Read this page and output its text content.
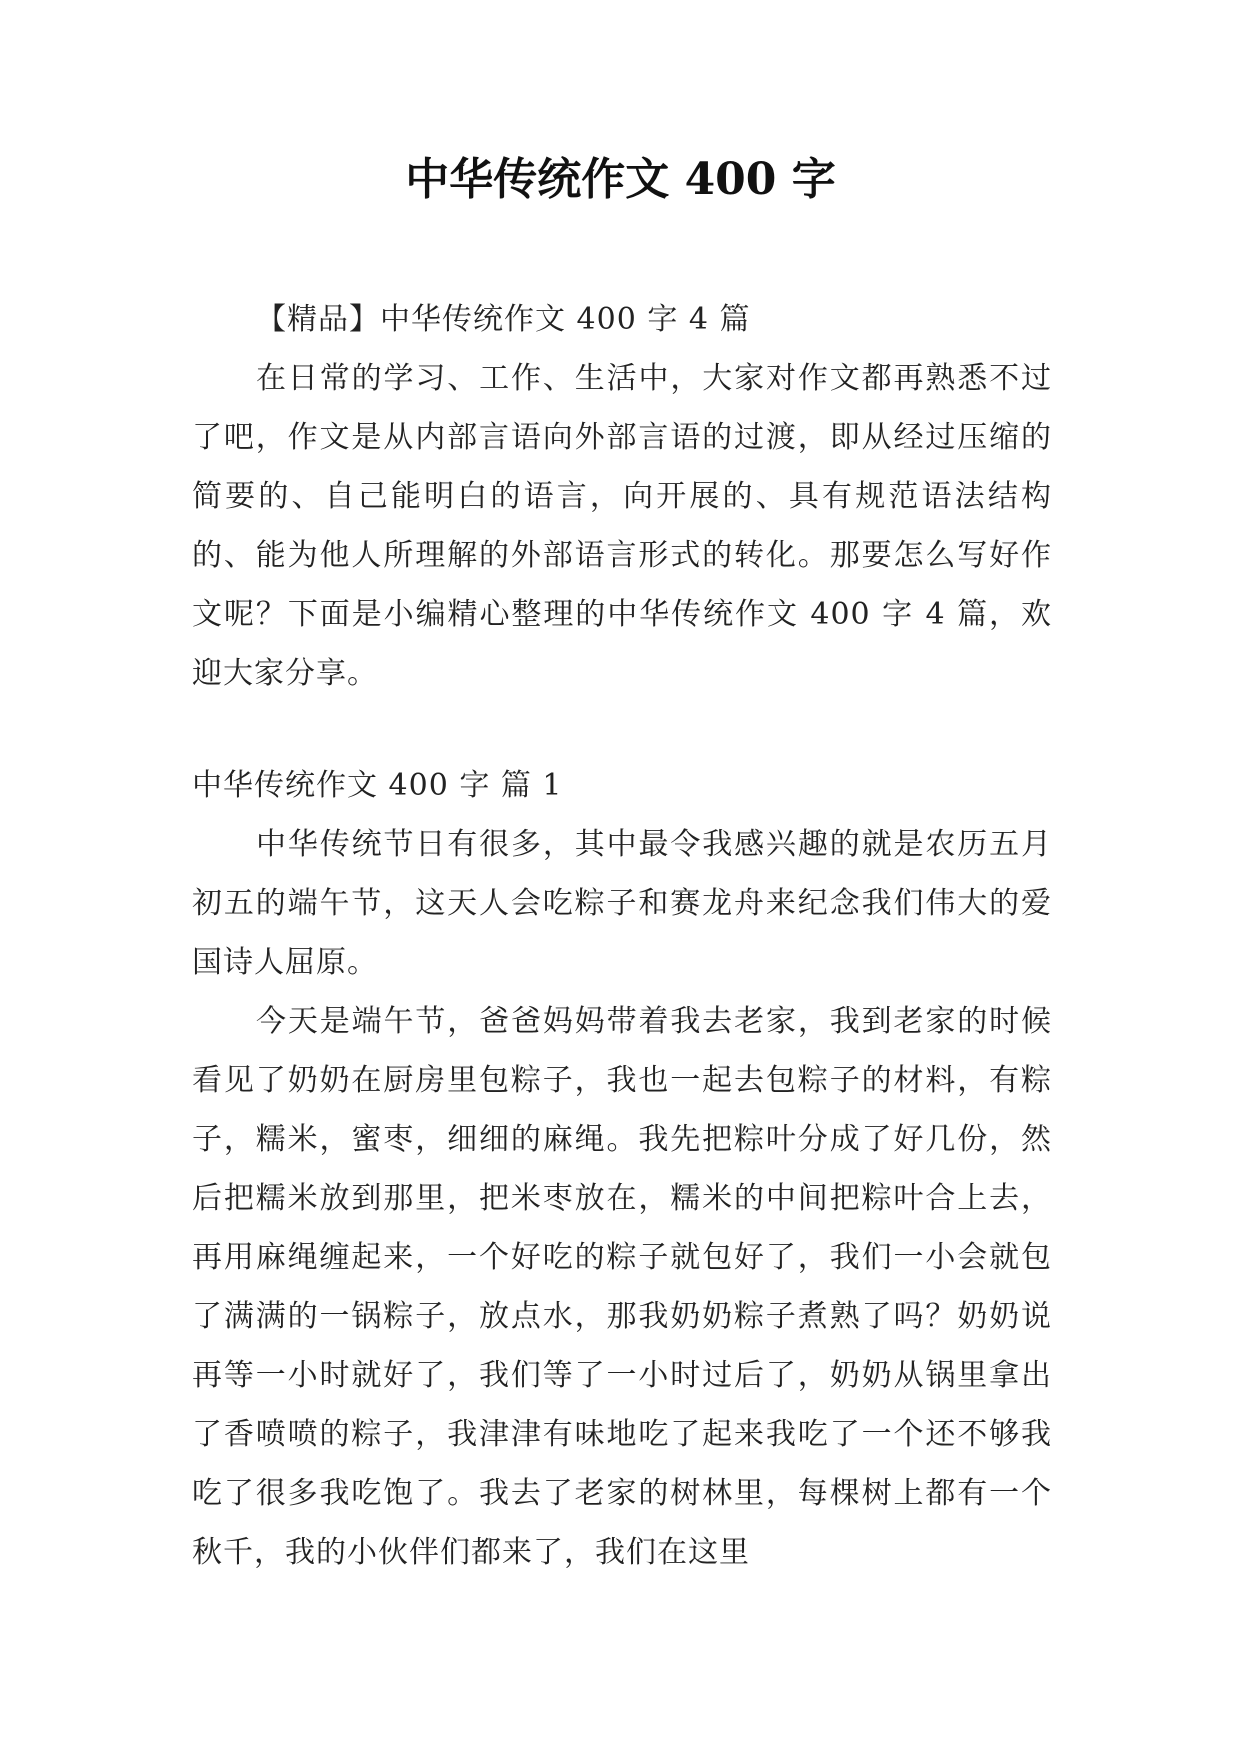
中华传统作文 400 字

【精品】中华传统作文 400 字 4 篇

在日常的学习、工作、生活中，大家对作文都再熟悉不过了吧，作文是从内部言语向外部言语的过渡，即从经过压缩的简要的、自己能明白的语言，向开展的、具有规范语法结构的、能为他人所理解的外部语言形式的转化。那要怎么写好作文呢？下面是小编精心整理的中华传统作文 400 字 4 篇，欢迎大家分享。

中华传统作文 400 字 篇 1

中华传统节日有很多，其中最令我感兴趣的就是农历五月初五的端午节，这天人会吃粽子和赛龙舟来纪念我们伟大的爱国诗人屈原。

今天是端午节，爸爸妈妈带着我去老家，我到老家的时候看见了奶奶在厨房里包粽子，我也一起去包粽子的材料，有粽子，糯米，蜜枣，细细的麻绳。我先把粽叶分成了好几份，然后把糯米放到那里，把米枣放在，糯米的中间把粽叶合上去，再用麻绳缠起来，一个好吃的粽子就包好了，我们一小会就包了满满的一锅粽子，放点水，那我奶奶粽子煮熟了吗？奶奶说再等一小时就好了，我们等了一小时过后了，奶奶从锅里拿出了香喷喷的粽子，我津津有味地吃了起来我吃了一个还不够我吃了很多我吃饱了。我去了老家的树林里，每棵树上都有一个秋千，我的小伙伴们都来了，我们在这里
